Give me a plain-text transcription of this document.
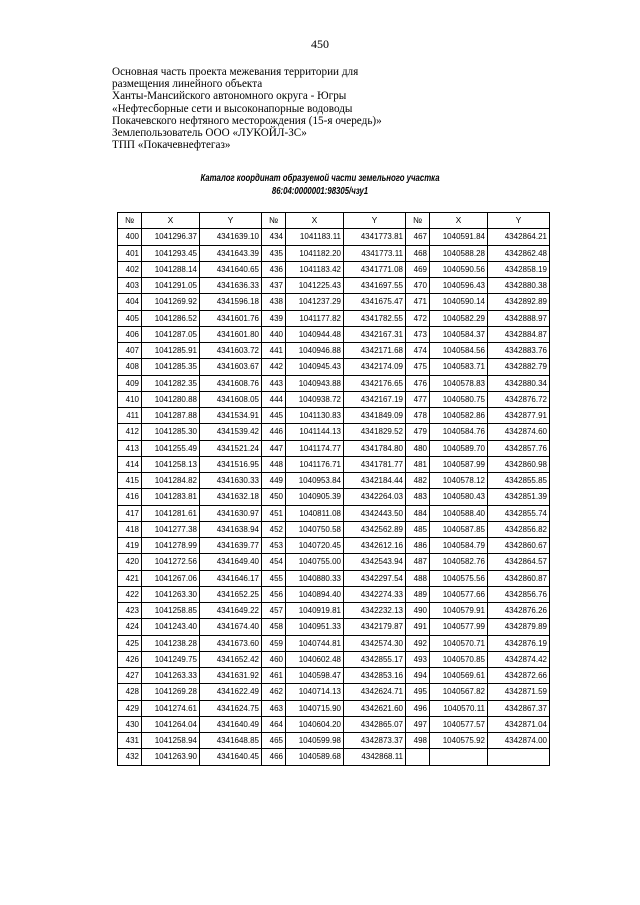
450
Основная часть проекта межевания территории для
размещения линейного объекта
Ханты-Мансийского автономного округа - Югры
«Нефтесборные сети и высоконапорные водоводы
Покачевского нефтяного месторождения (15-я очередь)»
Землепользователь ООО «ЛУКОЙЛ-ЗС»
ТПП «Покачевнефтегаз»
Каталог координат образуемой части земельного участка
86:04:0000001:98305/чзу1
№	X	Y	№	X	Y	№	X	Y
400	1041296.37	4341639.10	434	1041183.11	4341773.81	467	1040591.84	4342864.21
401	1041293.45	4341643.39	435	1041182.20	4341773.11	468	1040588.28	4342862.48
402	1041288.14	4341640.65	436	1041183.42	4341771.08	469	1040590.56	4342858.19
403	1041291.05	4341636.33	437	1041225.43	4341697.55	470	1040596.43	4342880.38
404	1041269.92	4341596.18	438	1041237.29	4341675.47	471	1040590.14	4342892.89
405	1041286.52	4341601.76	439	1041177.82	4341782.55	472	1040582.29	4342888.97
406	1041287.05	4341601.80	440	1040944.48	4342167.31	473	1040584.37	4342884.87
407	1041285.91	4341603.72	441	1040946.88	4342171.68	474	1040584.56	4342883.76
408	1041285.35	4341603.67	442	1040945.43	4342174.09	475	1040583.71	4342882.79
409	1041282.35	4341608.76	443	1040943.88	4342176.65	476	1040578.83	4342880.34
410	1041280.88	4341608.05	444	1040938.72	4342167.19	477	1040580.75	4342876.72
411	1041287.88	4341534.91	445	1041130.83	4341849.09	478	1040582.86	4342877.91
412	1041285.30	4341539.42	446	1041144.13	4341829.52	479	1040584.76	4342874.60
413	1041255.49	4341521.24	447	1041174.77	4341784.80	480	1040589.70	4342857.76
414	1041258.13	4341516.95	448	1041176.71	4341781.77	481	1040587.99	4342860.98
415	1041284.82	4341630.33	449	1040953.84	4342184.44	482	1040578.12	4342855.85
416	1041283.81	4341632.18	450	1040905.39	4342264.03	483	1040580.43	4342851.39
417	1041281.61	4341630.97	451	1040811.08	4342443.50	484	1040588.40	4342855.74
418	1041277.38	4341638.94	452	1040750.58	4342562.89	485	1040587.85	4342856.82
419	1041278.99	4341639.77	453	1040720.45	4342612.16	486	1040584.79	4342860.67
420	1041272.56	4341649.40	454	1040755.00	4342543.94	487	1040582.76	4342864.57
421	1041267.06	4341646.17	455	1040880.33	4342297.54	488	1040575.56	4342860.87
422	1041263.30	4341652.25	456	1040894.40	4342274.33	489	1040577.66	4342856.76
423	1041258.85	4341649.22	457	1040919.81	4342232.13	490	1040579.91	4342876.26
424	1041243.40	4341674.40	458	1040951.33	4342179.87	491	1040577.99	4342879.89
425	1041238.28	4341673.60	459	1040744.81	4342574.30	492	1040570.71	4342876.19
426	1041249.75	4341652.42	460	1040602.48	4342855.17	493	1040570.85	4342874.42
427	1041263.33	4341631.92	461	1040598.47	4342853.16	494	1040569.61	4342872.66
428	1041269.28	4341622.49	462	1040714.13	4342624.71	495	1040567.82	4342871.59
429	1041274.61	4341624.75	463	1040715.90	4342621.60	496	1040570.11	4342867.37
430	1041264.04	4341640.49	464	1040604.20	4342865.07	497	1040577.57	4342871.04
431	1041258.94	4341648.85	465	1040599.98	4342873.37	498	1040575.92	4342874.00
432	1041263.90	4341640.45	466	1040589.68	4342868.11			
